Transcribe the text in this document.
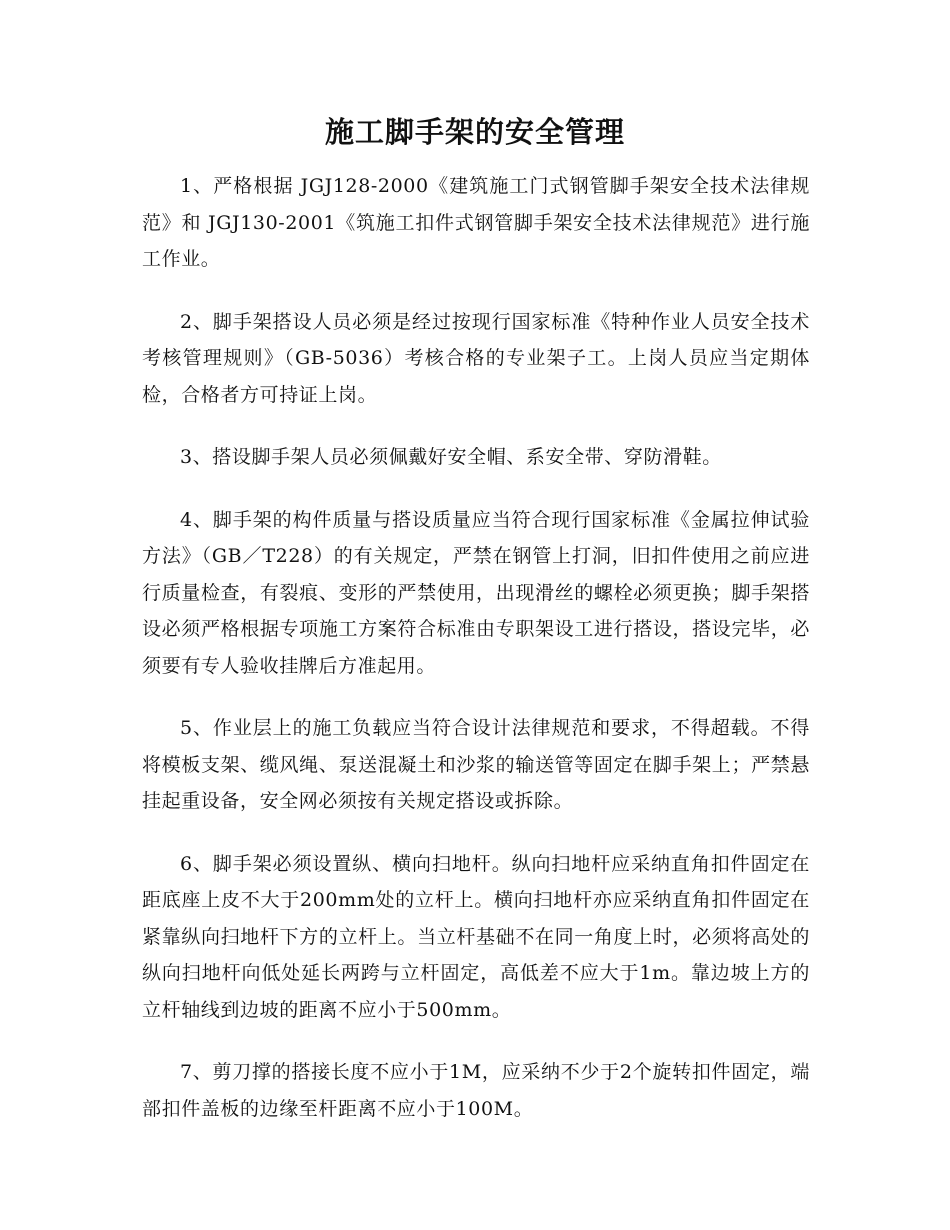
施工脚手架的安全管理

1、严格根据 JGJ128-2000《建筑施工门式钢管脚手架安全技术法律规范》和 JGJ130-2001《筑施工扣件式钢管脚手架安全技术法律规范》进行施工作业。

2、脚手架搭设人员必须是经过按现行国家标准《特种作业人员安全技术考核管理规则》（GB-5036）考核合格的专业架子工。上岗人员应当定期体检，合格者方可持证上岗。

3、搭设脚手架人员必须佩戴好安全帽、系安全带、穿防滑鞋。

4、脚手架的构件质量与搭设质量应当符合现行国家标准《金属拉伸试验方法》（GB／T228）的有关规定，严禁在钢管上打洞，旧扣件使用之前应进行质量检查，有裂痕、变形的严禁使用，出现滑丝的螺栓必须更换；脚手架搭设必须严格根据专项施工方案符合标准由专职架设工进行搭设，搭设完毕，必须要有专人验收挂牌后方准起用。

5、作业层上的施工负载应当符合设计法律规范和要求，不得超载。不得将模板支架、缆风绳、泵送混凝土和沙浆的输送管等固定在脚手架上；严禁悬挂起重设备，安全网必须按有关规定搭设或拆除。

6、脚手架必须设置纵、横向扫地杆。纵向扫地杆应采纳直角扣件固定在距底座上皮不大于200mm处的立杆上。横向扫地杆亦应采纳直角扣件固定在紧靠纵向扫地杆下方的立杆上。当立杆基础不在同一角度上时，必须将高处的纵向扫地杆向低处延长两跨与立杆固定，高低差不应大于1m。靠边坡上方的立杆轴线到边坡的距离不应小于500mm。

7、剪刀撑的搭接长度不应小于1M，应采纳不少于2个旋转扣件固定，端部扣件盖板的边缘至杆距离不应小于100M。
